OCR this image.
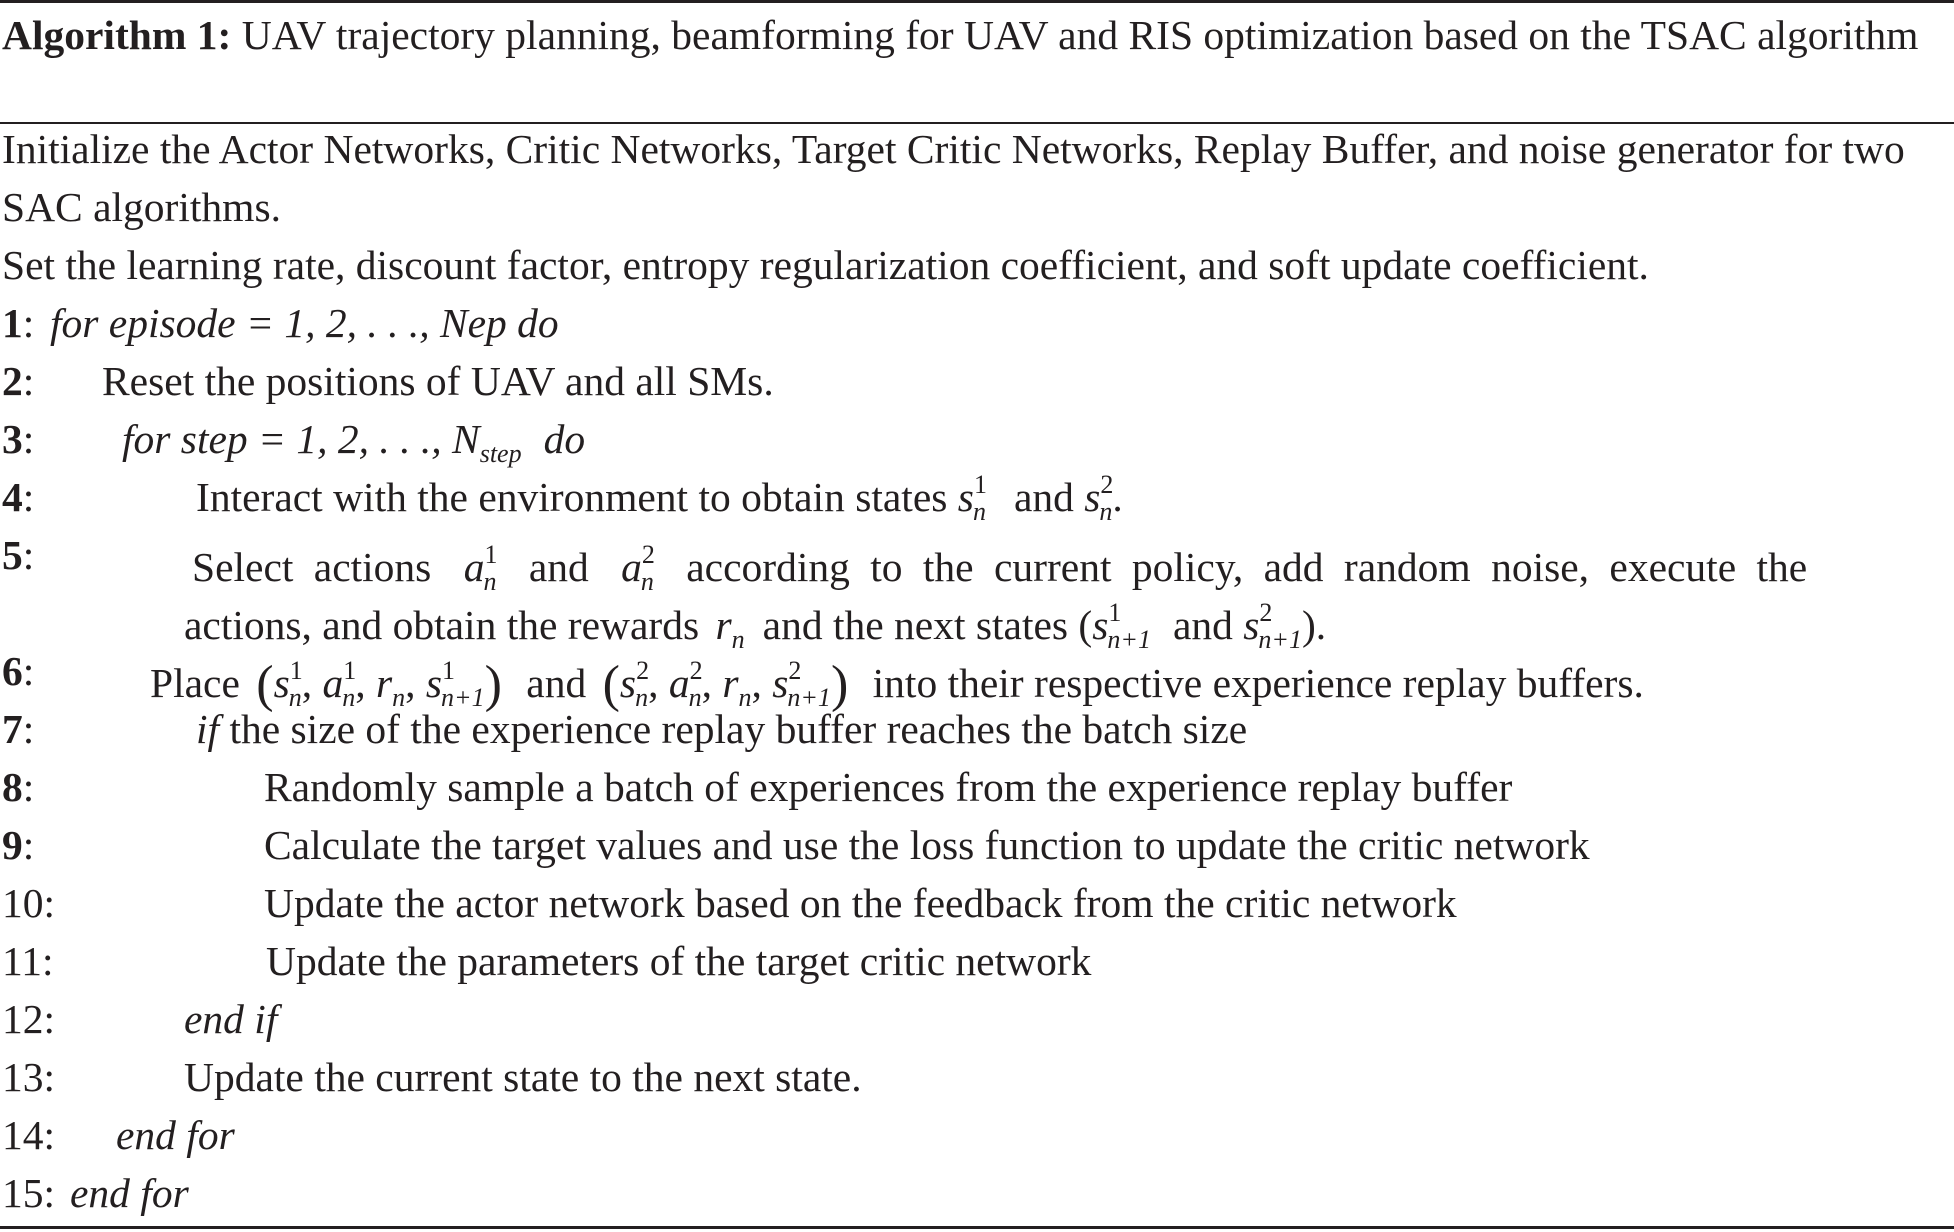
Algorithm 1: UAV trajectory planning, beamforming for UAV and RIS optimization based on the TSAC algorithm
Initialize the Actor Networks, Critic Networks, Target Critic Networks, Replay Buffer, and noise generator for two SAC algorithms.
Set the learning rate, discount factor, entropy regularization coefficient, and soft update coefficient.
1: for episode = 1, 2, . . ., Nep do
2: Reset the positions of UAV and all SMs.
3: for step = 1, 2, . . ., $N_{step}$ do
4:	Interact with the environment to obtain states $s^1_n$ and $s^2_n$.
5:	Select actions $a^1_n$ and $a^2_n$ according to the current policy, add random noise, execute the
actions, and obtain the rewards $r_n$ and the next states ($s^1_{n+1}$ and $s^2_{n+1}$).
6:	Place ($s^1_n$, $a^1_n$, $r_n$, $s^1_{n+1}$) and ($s^2_n$, $a^2_n$, $r_n$, $s^2_{n+1}$) into their respective experience replay buffers.
7:	if the size of the experience replay buffer reaches the batch size
8:	Randomly sample a batch of experiences from the experience replay buffer
9:	Calculate the target values and use the loss function to update the critic network
10:	Update the actor network based on the feedback from the critic network
11:	Update the parameters of the target critic network
12:	end if
13:	Update the current state to the next state.
14: end for
15: end for
